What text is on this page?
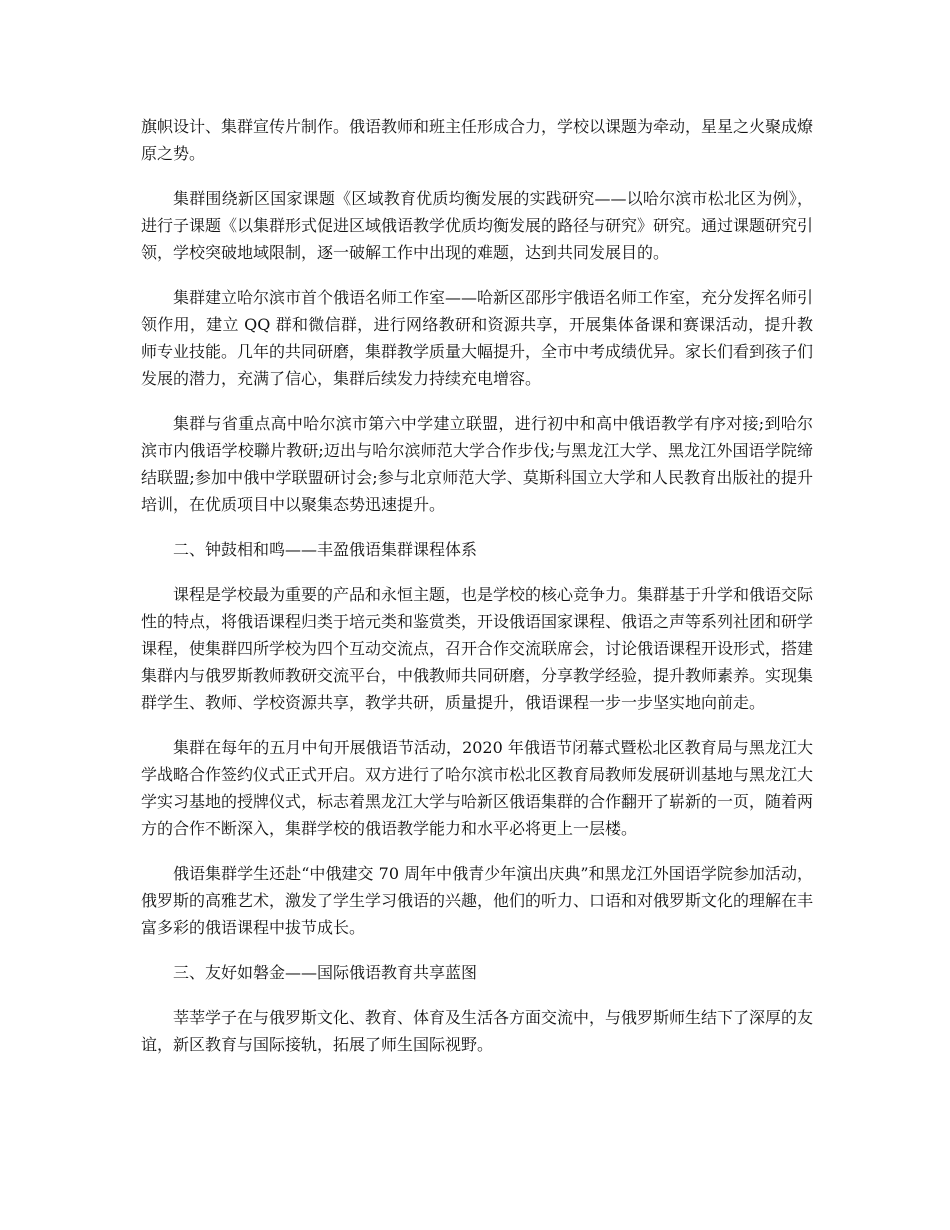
旗帜设计、集群宣传片制作。俄语教师和班主任形成合力，学校以课题为牵动，星星之火聚成燎原之势。

集群围绕新区国家课题《区域教育优质均衡发展的实践研究——以哈尔滨市松北区为例》，进行子课题《以集群形式促进区域俄语教学优质均衡发展的路径与研究》研究。通过课题研究引领，学校突破地域限制，逐一破解工作中出现的难题，达到共同发展目的。

集群建立哈尔滨市首个俄语名师工作室——哈新区邵彤宇俄语名师工作室，充分发挥名师引领作用，建立 QQ 群和微信群，进行网络教研和资源共享，开展集体备课和赛课活动，提升教师专业技能。几年的共同研磨，集群教学质量大幅提升，全市中考成绩优异。家长们看到孩子们发展的潜力，充满了信心，集群后续发力持续充电增容。

集群与省重点高中哈尔滨市第六中学建立联盟，进行初中和高中俄语教学有序对接;到哈尔滨市内俄语学校聯片教研;迈出与哈尔滨师范大学合作步伐;与黑龙江大学、黑龙江外国语学院缔结联盟;参加中俄中学联盟研讨会;参与北京师范大学、莫斯科国立大学和人民教育出版社的提升培训，在优质项目中以聚集态势迅速提升。

二、钟鼓相和鸣——丰盈俄语集群课程体系

课程是学校最为重要的产品和永恒主题，也是学校的核心竞争力。集群基于升学和俄语交际性的特点，将俄语课程归类于培元类和鉴赏类，开设俄语国家课程、俄语之声等系列社团和研学课程，使集群四所学校为四个互动交流点，召开合作交流联席会，讨论俄语课程开设形式，搭建集群内与俄罗斯教师教研交流平台，中俄教师共同研磨，分享教学经验，提升教师素养。实现集群学生、教师、学校资源共享，教学共研，质量提升，俄语课程一步一步坚实地向前走。

集群在每年的五月中旬开展俄语节活动，2020 年俄语节闭幕式暨松北区教育局与黑龙江大学战略合作签约仪式正式开启。双方进行了哈尔滨市松北区教育局教师发展研训基地与黑龙江大学实习基地的授牌仪式，标志着黑龙江大学与哈新区俄语集群的合作翻开了崭新的一页，随着两方的合作不断深入，集群学校的俄语教学能力和水平必将更上一层楼。

俄语集群学生还赴“中俄建交 70 周年中俄青少年演出庆典”和黑龙江外国语学院参加活动，俄罗斯的高雅艺术，激发了学生学习俄语的兴趣，他们的听力、口语和对俄罗斯文化的理解在丰富多彩的俄语课程中拔节成长。

三、友好如磐金——国际俄语教育共享蓝图

莘莘学子在与俄罗斯文化、教育、体育及生活各方面交流中，与俄罗斯师生结下了深厚的友谊，新区教育与国际接轨，拓展了师生国际视野。
